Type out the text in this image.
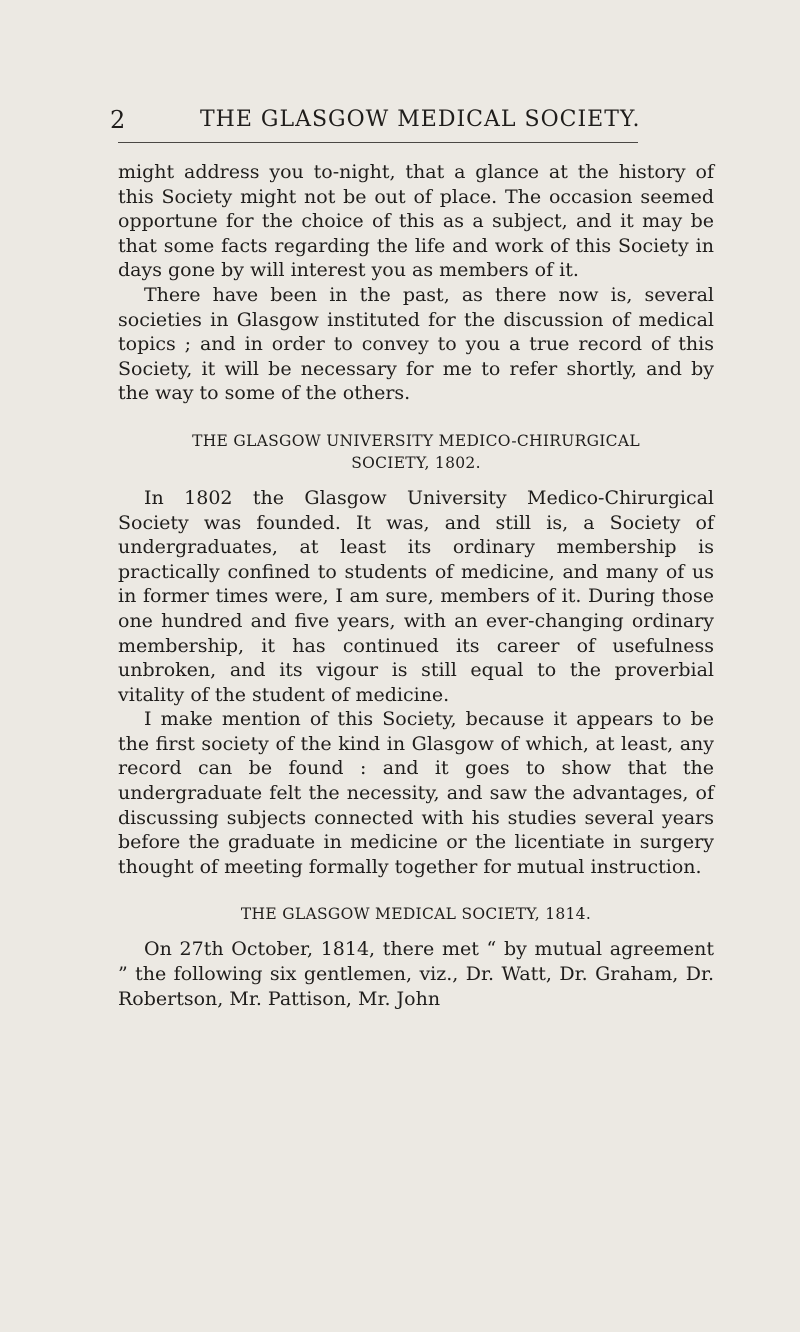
2	THE GLASGOW MEDICAL SOCIETY.

might address you to-night, that a glance at the history of this Society might not be out of place. The occasion seemed opportune for the choice of this as a subject, and it may be that some facts regarding the life and work of this Society in days gone by will interest you as members of it.

There have been in the past, as there now is, several societies in Glasgow instituted for the discussion of medical topics ; and in order to convey to you a true record of this Society, it will be necessary for me to refer shortly, and by the way to some of the others.

THE GLASGOW UNIVERSITY MEDICO-CHIRURGICAL
SOCIETY, 1802.

In 1802 the Glasgow University Medico-Chirurgical Society was founded. It was, and still is, a Society of undergraduates, at least its ordinary membership is practically confined to students of medicine, and many of us in former times were, I am sure, members of it. During those one hundred and five years, with an ever-changing ordinary membership, it has continued its career of usefulness unbroken, and its vigour is still equal to the proverbial vitality of the student of medicine.

I make mention of this Society, because it appears to be the first society of the kind in Glasgow of which, at least, any record can be found : and it goes to show that the undergraduate felt the necessity, and saw the advantages, of discussing subjects connected with his studies several years before the graduate in medicine or the licentiate in surgery thought of meeting formally together for mutual instruction.

THE GLASGOW MEDICAL SOCIETY, 1814.

On 27th October, 1814, there met “ by mutual agreement ” the following six gentlemen, viz., Dr. Watt, Dr. Graham, Dr. Robertson, Mr. Pattison, Mr. John
